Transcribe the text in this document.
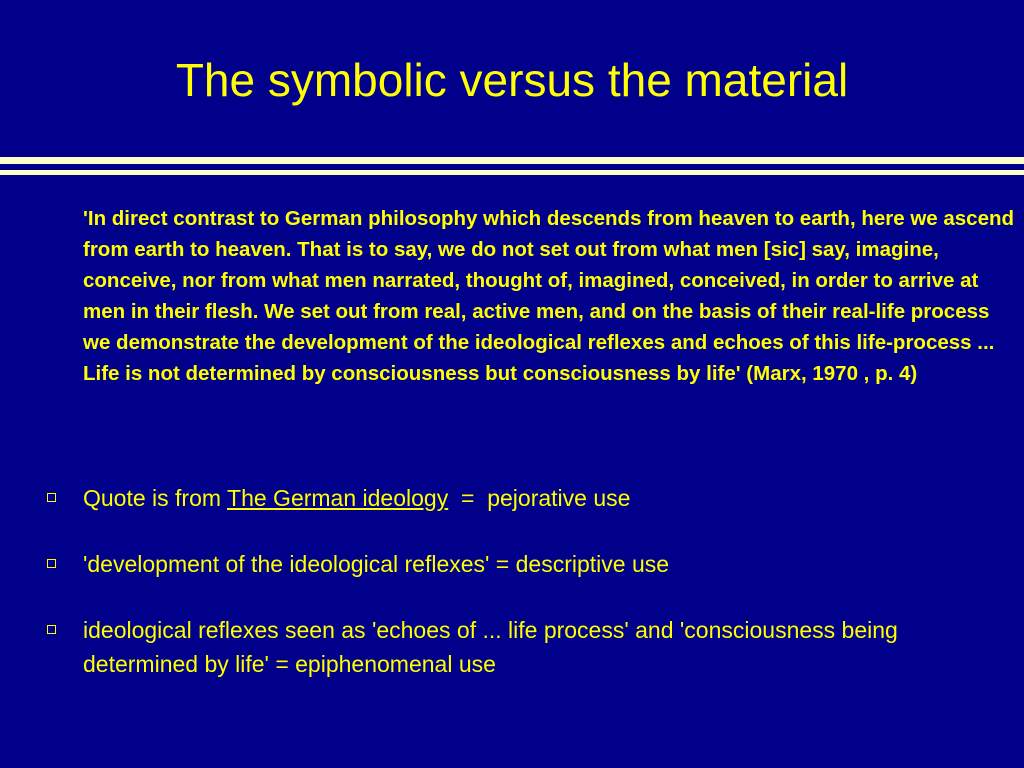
The symbolic versus the material

'In direct contrast to German philosophy which descends from heaven to earth, here we ascend from earth to heaven. That is to say, we do not set out from what men [sic] say, imagine, conceive, nor from what men narrated, thought of, imagined, conceived, in order to arrive at men in their flesh. We set out from real, active men, and on the basis of their real-life process we demonstrate the development of the ideological reflexes and echoes of this life-process ... Life is not determined by consciousness but consciousness by life' (Marx, 1970 , p. 4)

Quote is from The German ideology  =  pejorative use
'development of the ideological reflexes' = descriptive use
ideological reflexes seen as 'echoes of ... life process' and 'consciousness being determined by life' = epiphenomenal use
